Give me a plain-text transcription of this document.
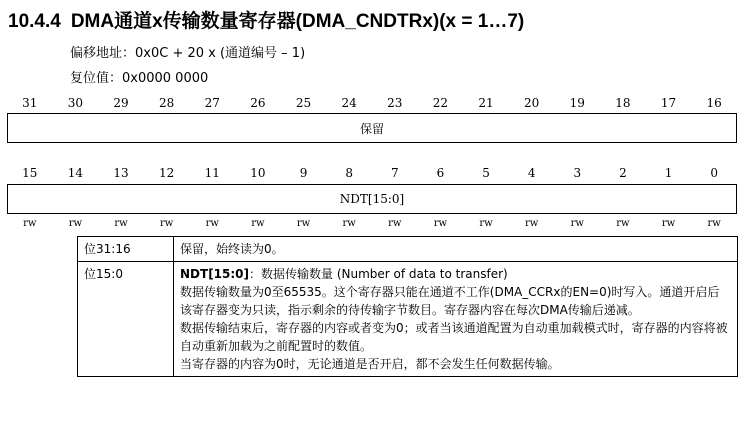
10.4.4 DMA通道x传输数量寄存器(DMA_CNDTRx)(x = 1…7)
偏移地址：0x0C + 20 x (通道编号 – 1)
复位值：0x0000 0000
31	30	29	28	27	26	25	24	23	22	21	20	19	18	17	16
保留
15	14	13	12	11	10	9	8	7	6	5	4	3	2	1	0
NDT[15:0]
rw	rw	rw	rw	rw	rw	rw	rw	rw	rw	rw	rw	rw	rw	rw	rw
位31:16	保留，始终读为0。
位15:0	NDT[15:0]：数据传输数量 (Number of data to transfer)

数据传输数量为0至65535。这个寄存器只能在通道不工作(DMA_CCRx的EN=0)时写入。通道开启后该寄存器变为只读，指示剩余的待传输字节数目。寄存器内容在每次DMA传输后递减。

数据传输结束后，寄存器的内容或者变为0；或者当该通道配置为自动重加载模式时，寄存器的内容将被自动重新加载为之前配置时的数值。

当寄存器的内容为0时，无论通道是否开启，都不会发生任何数据传输。
